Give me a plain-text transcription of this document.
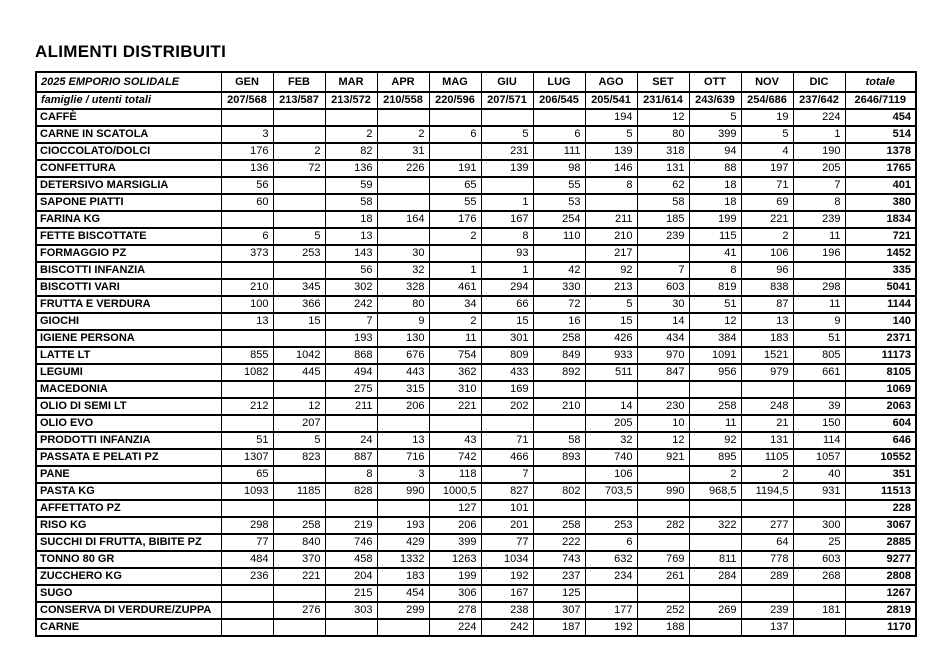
ALIMENTI DISTRIBUITI
2025 EMPORIO SOLIDALE	GEN	FEB	MAR	APR	MAG	GIU	LUG	AGO	SET	OTT	NOV	DIC	totale
famiglie / utenti totali	207/568	213/587	213/572	210/558	220/596	207/571	206/545	205/541	231/614	243/639	254/686	237/642	2646/7119
CAFFÈ								194	12	5	19	224	454
CARNE IN SCATOLA	3		2	2	6	5	6	5	80	399	5	1	514
CIOCCOLATO/DOLCI	176	2	82	31		231	111	139	318	94	4	190	1378
CONFETTURA	136	72	136	226	191	139	98	146	131	88	197	205	1765
DETERSIVO MARSIGLIA	56		59		65		55	8	62	18	71	7	401
SAPONE PIATTI	60		58		55	1	53		58	18	69	8	380
FARINA KG			18	164	176	167	254	211	185	199	221	239	1834
FETTE BISCOTTATE	6	5	13		2	8	110	210	239	115	2	11	721
FORMAGGIO PZ	373	253	143	30		93		217		41	106	196	1452
BISCOTTI INFANZIA			56	32	1	1	42	92	7	8	96		335
BISCOTTI VARI	210	345	302	328	461	294	330	213	603	819	838	298	5041
FRUTTA E VERDURA	100	366	242	80	34	66	72	5	30	51	87	11	1144
GIOCHI	13	15	7	9	2	15	16	15	14	12	13	9	140
IGIENE PERSONA			193	130	11	301	258	426	434	384	183	51	2371
LATTE LT	855	1042	868	676	754	809	849	933	970	1091	1521	805	11173
LEGUMI	1082	445	494	443	362	433	892	511	847	956	979	661	8105
MACEDONIA			275	315	310	169							1069
OLIO DI SEMI LT	212	12	211	206	221	202	210	14	230	258	248	39	2063
OLIO EVO		207						205	10	11	21	150	604
PRODOTTI INFANZIA	51	5	24	13	43	71	58	32	12	92	131	114	646
PASSATA E PELATI PZ	1307	823	887	716	742	466	893	740	921	895	1105	1057	10552
PANE	65		8	3	118	7		106		2	2	40	351
PASTA KG	1093	1185	828	990	1000,5	827	802	703,5	990	968,5	1194,5	931	11513
AFFETTATO PZ					127	101							228
RISO KG	298	258	219	193	206	201	258	253	282	322	277	300	3067
SUCCHI DI FRUTTA, BIBITE PZ	77	840	746	429	399	77	222	6			64	25	2885
TONNO 80 GR	484	370	458	1332	1263	1034	743	632	769	811	778	603	9277
ZUCCHERO KG	236	221	204	183	199	192	237	234	261	284	289	268	2808
SUGO			215	454	306	167	125						1267
CONSERVA DI VERDURE/ZUPPA		276	303	299	278	238	307	177	252	269	239	181	2819
CARNE					224	242	187	192	188		137		1170
